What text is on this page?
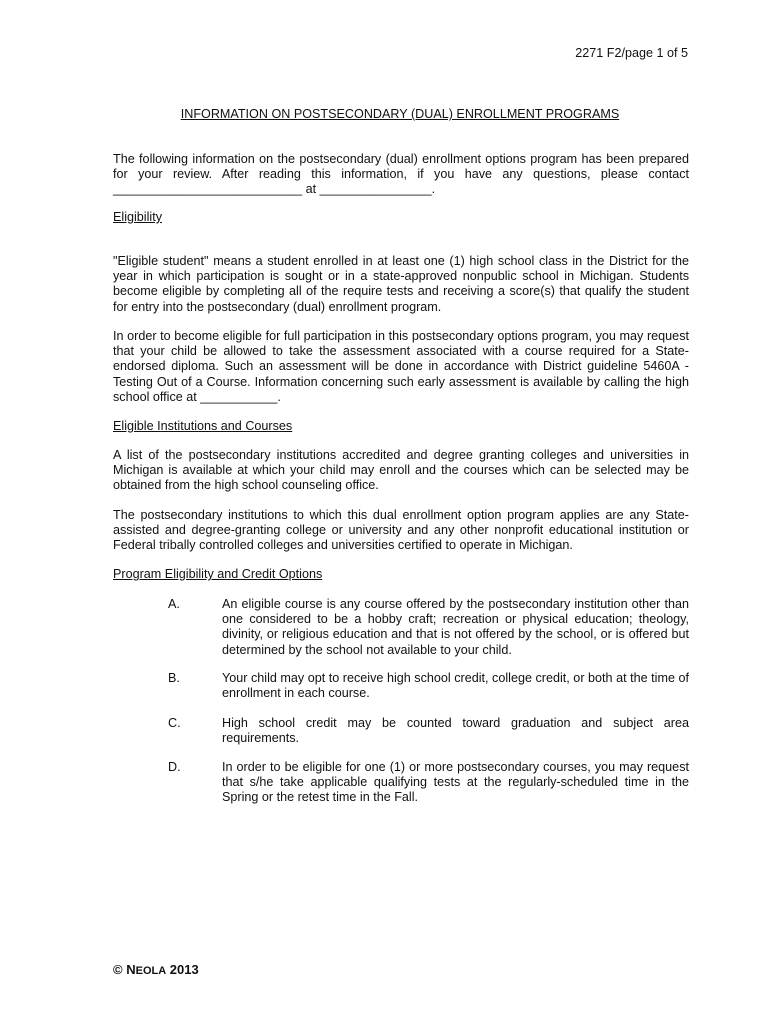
2271 F2/page 1 of 5
INFORMATION ON POSTSECONDARY (DUAL) ENROLLMENT PROGRAMS
The following information on the postsecondary (dual) enrollment options program has been prepared for your review. After reading this information, if you have any questions, please contact ___________________________ at ________________.
Eligibility
"Eligible student" means a student enrolled in at least one (1) high school class in the District for the year in which participation is sought or in a state-approved nonpublic school in Michigan. Students become eligible by completing all of the require tests and receiving a score(s) that qualify the student for entry into the postsecondary (dual) enrollment program.
In order to become eligible for full participation in this postsecondary options program, you may request that your child be allowed to take the assessment associated with a course required for a State-endorsed diploma. Such an assessment will be done in accordance with District guideline 5460A - Testing Out of a Course. Information concerning such early assessment is available by calling the high school office at ___________.
Eligible Institutions and Courses
A list of the postsecondary institutions accredited and degree granting colleges and universities in Michigan is available at which your child may enroll and the courses which can be selected may be obtained from the high school counseling office.
The postsecondary institutions to which this dual enrollment option program applies are any State-assisted and degree-granting college or university and any other nonprofit educational institution or Federal tribally controlled colleges and universities certified to operate in Michigan.
Program Eligibility and Credit Options
A.	An eligible course is any course offered by the postsecondary institution other than one considered to be a hobby craft; recreation or physical education; theology, divinity, or religious education and that is not offered by the school, or is offered but determined by the school not available to your child.
B.	Your child may opt to receive high school credit, college credit, or both at the time of enrollment in each course.
C.	High school credit may be counted toward graduation and subject area requirements.
D.	In order to be eligible for one (1) or more postsecondary courses, you may request that s/he take applicable qualifying tests at the regularly-scheduled time in the Spring or the retest time in the Fall.
© NEOLA 2013
